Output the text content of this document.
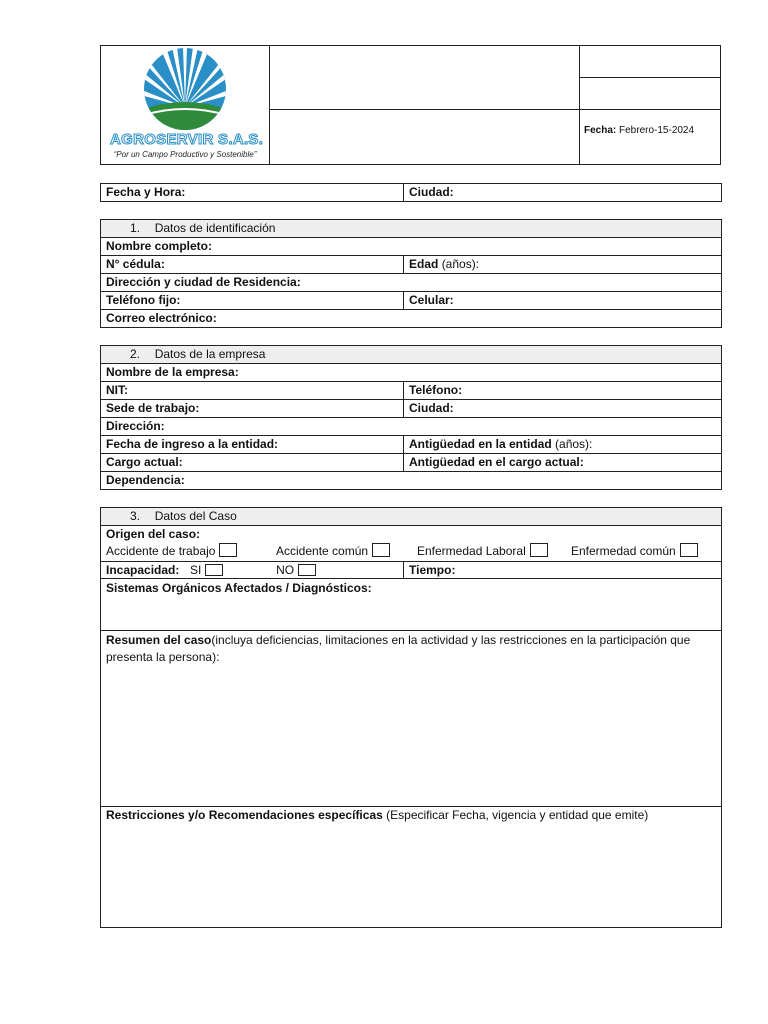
AGROSERVIR S.A.S.
“Por un Campo Productivo y Sostenible”
Fecha: Febrero-15-2024
Fecha y Hora:	Ciudad:
1. Datos de identificación
Nombre completo:
N° cédula:	Edad (años):
Dirección y ciudad de Residencia:
Teléfono fijo:	Celular:
Correo electrónico:
2. Datos de la empresa
Nombre de la empresa:
NIT:	Teléfono:
Sede de trabajo:	Ciudad:
Dirección:
Fecha de ingreso a la entidad:	Antigüedad en la entidad (años):
Cargo actual:	Antigüedad en el cargo actual:
Dependencia:
3. Datos del Caso
Origen del caso:
Accidente de trabajo	Accidente común	Enfermedad Laboral	Enfermedad común
Incapacidad: SI	NO	Tiempo:
Sistemas Orgánicos Afectados / Diagnósticos:
Resumen del caso(incluya deficiencias, limitaciones en la actividad y las restricciones en la participación que
presenta la persona):
Restricciones y/o Recomendaciones específicas (Especificar Fecha, vigencia y entidad que emite)
